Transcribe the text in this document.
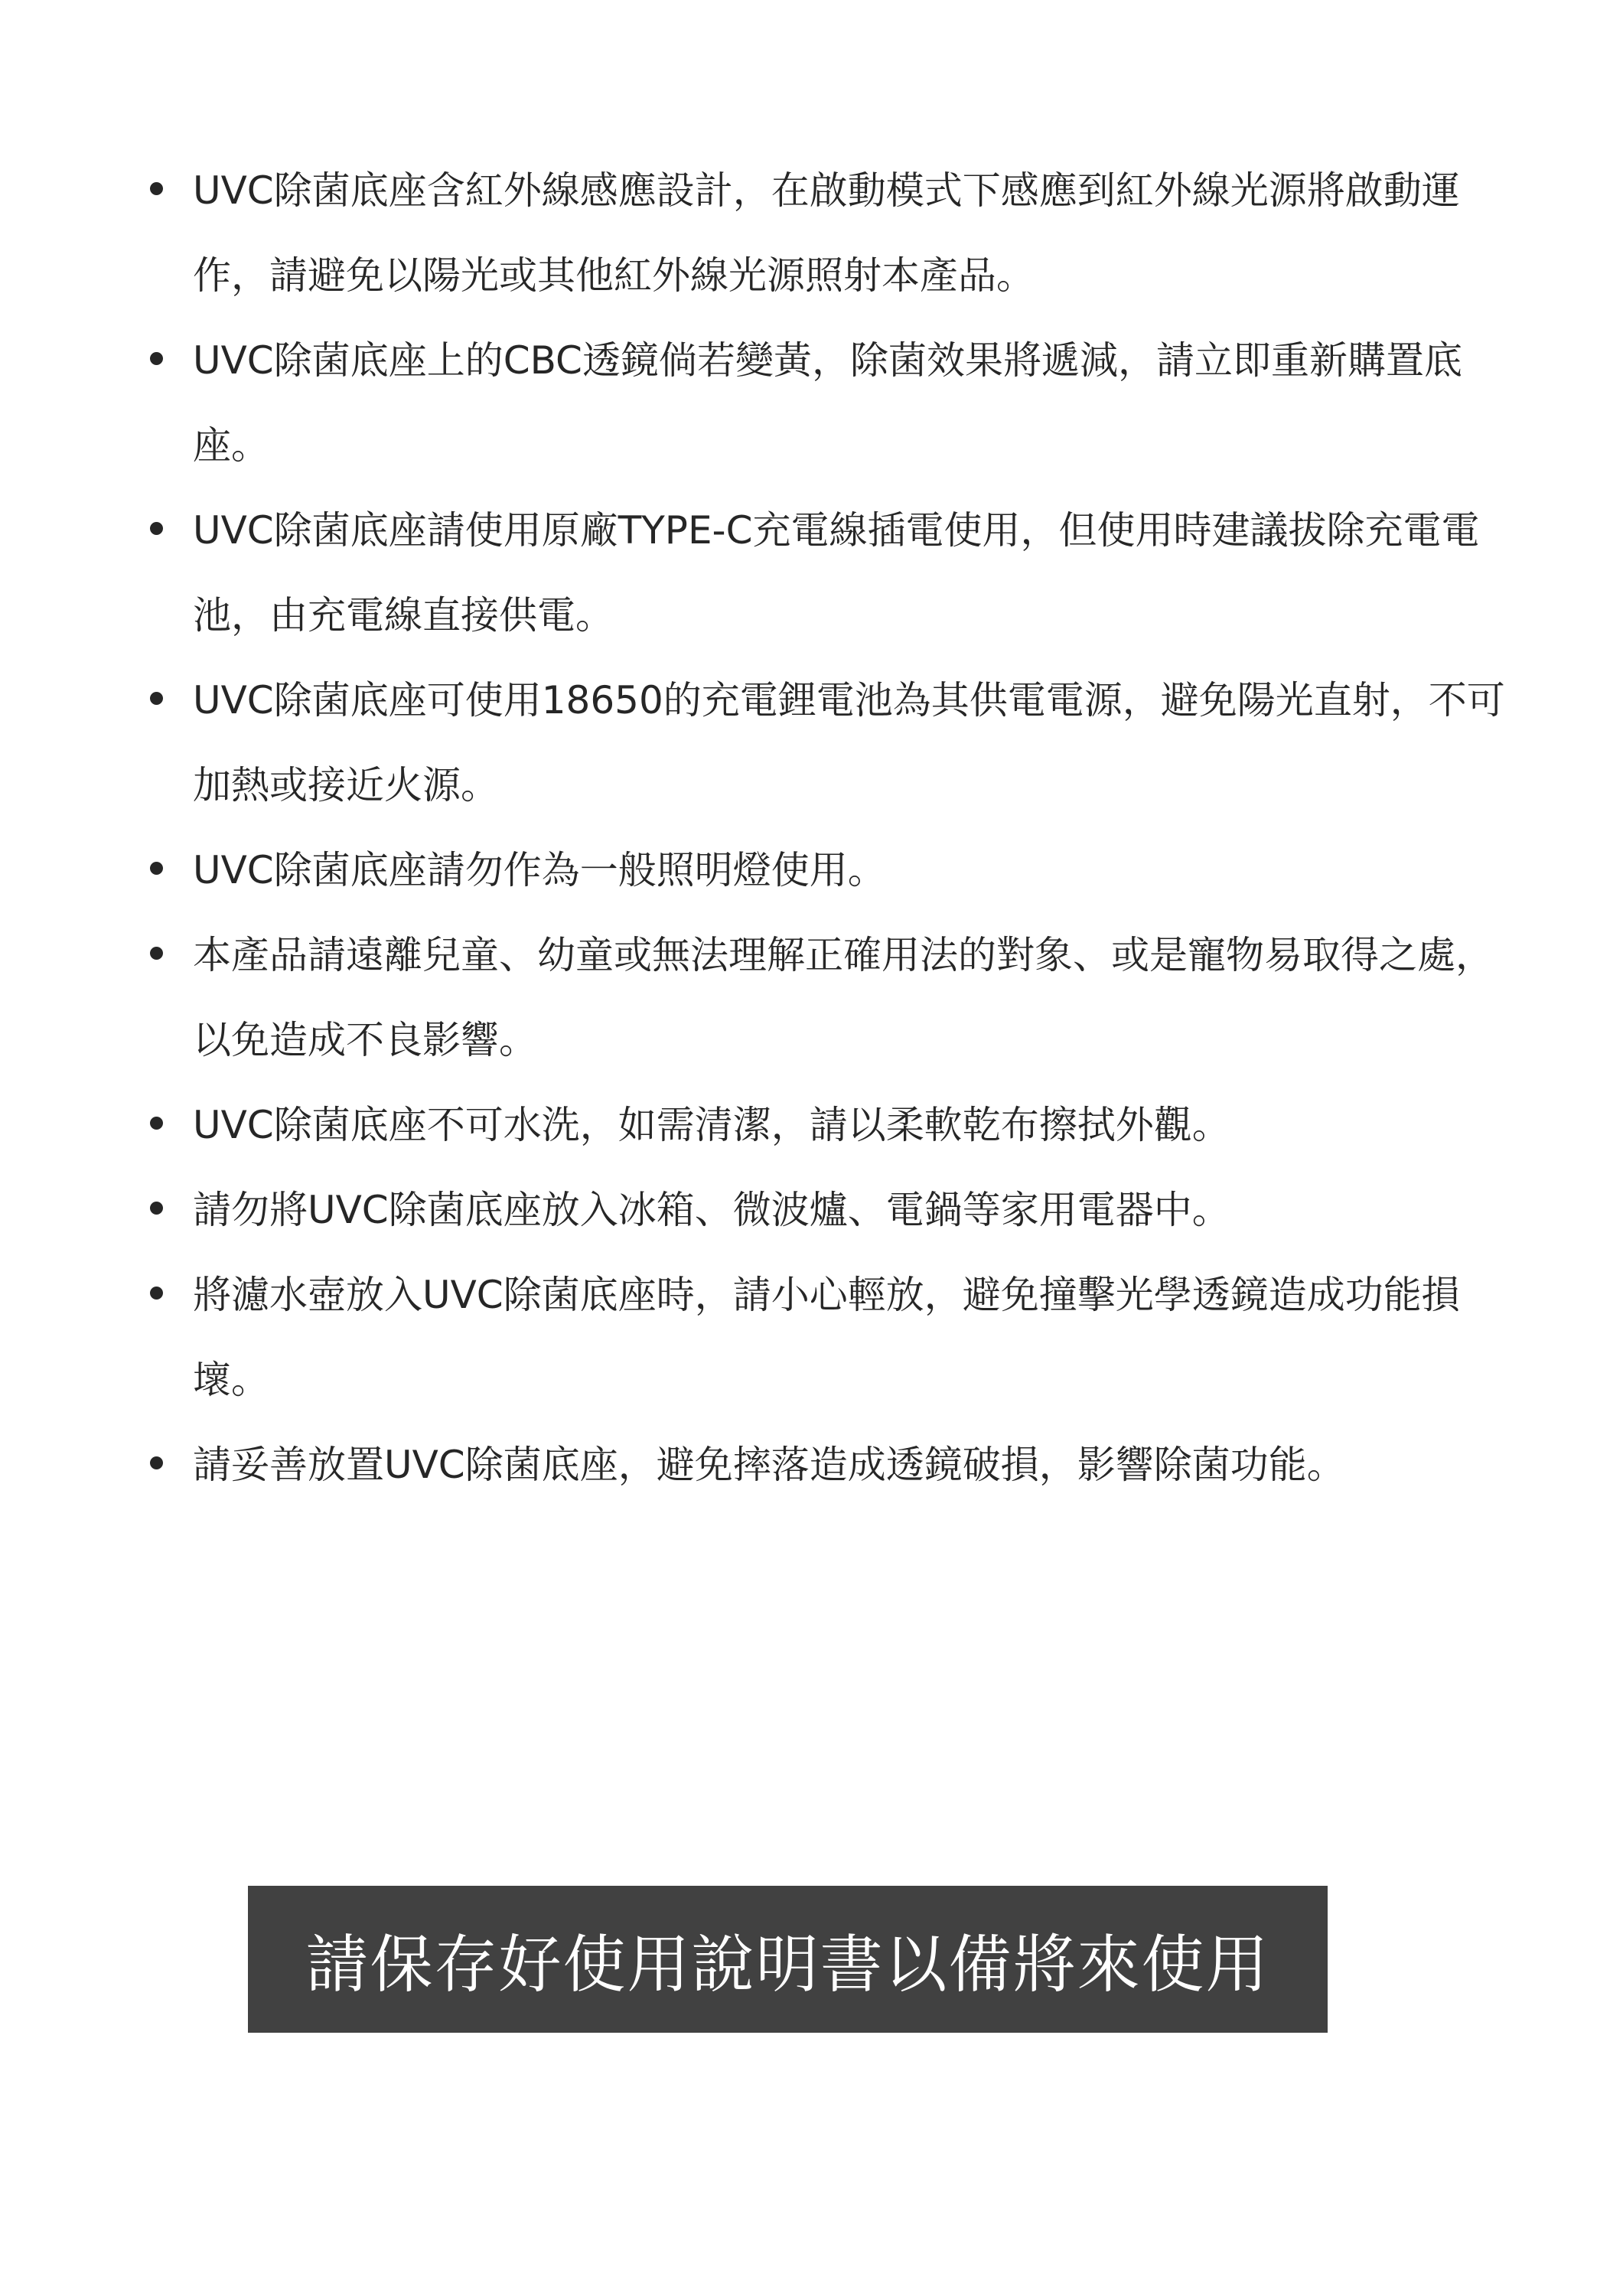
UVC除菌底座含紅外線感應設計，在啟動模式下感應到紅外線光源將啟動運作，請避免以陽光或其他紅外線光源照射本產品。
UVC除菌底座上的CBC透鏡倘若變黃，除菌效果將遞減，請立即重新購置底座。
UVC除菌底座請使用原廠TYPE-C充電線插電使用，但使用時建議拔除充電電池，由充電線直接供電。
UVC除菌底座可使用18650的充電鋰電池為其供電電源，避免陽光直射，不可加熱或接近火源。
UVC除菌底座請勿作為一般照明燈使用。
本產品請遠離兒童、幼童或無法理解正確用法的對象、或是寵物易取得之處，以免造成不良影響。
UVC除菌底座不可水洗，如需清潔，請以柔軟乾布擦拭外觀。
請勿將UVC除菌底座放入冰箱、微波爐、電鍋等家用電器中。
將濾水壺放入UVC除菌底座時，請小心輕放，避免撞擊光學透鏡造成功能損壞。
請妥善放置UVC除菌底座，避免摔落造成透鏡破損，影響除菌功能。
請保存好使用說明書以備將來使用
